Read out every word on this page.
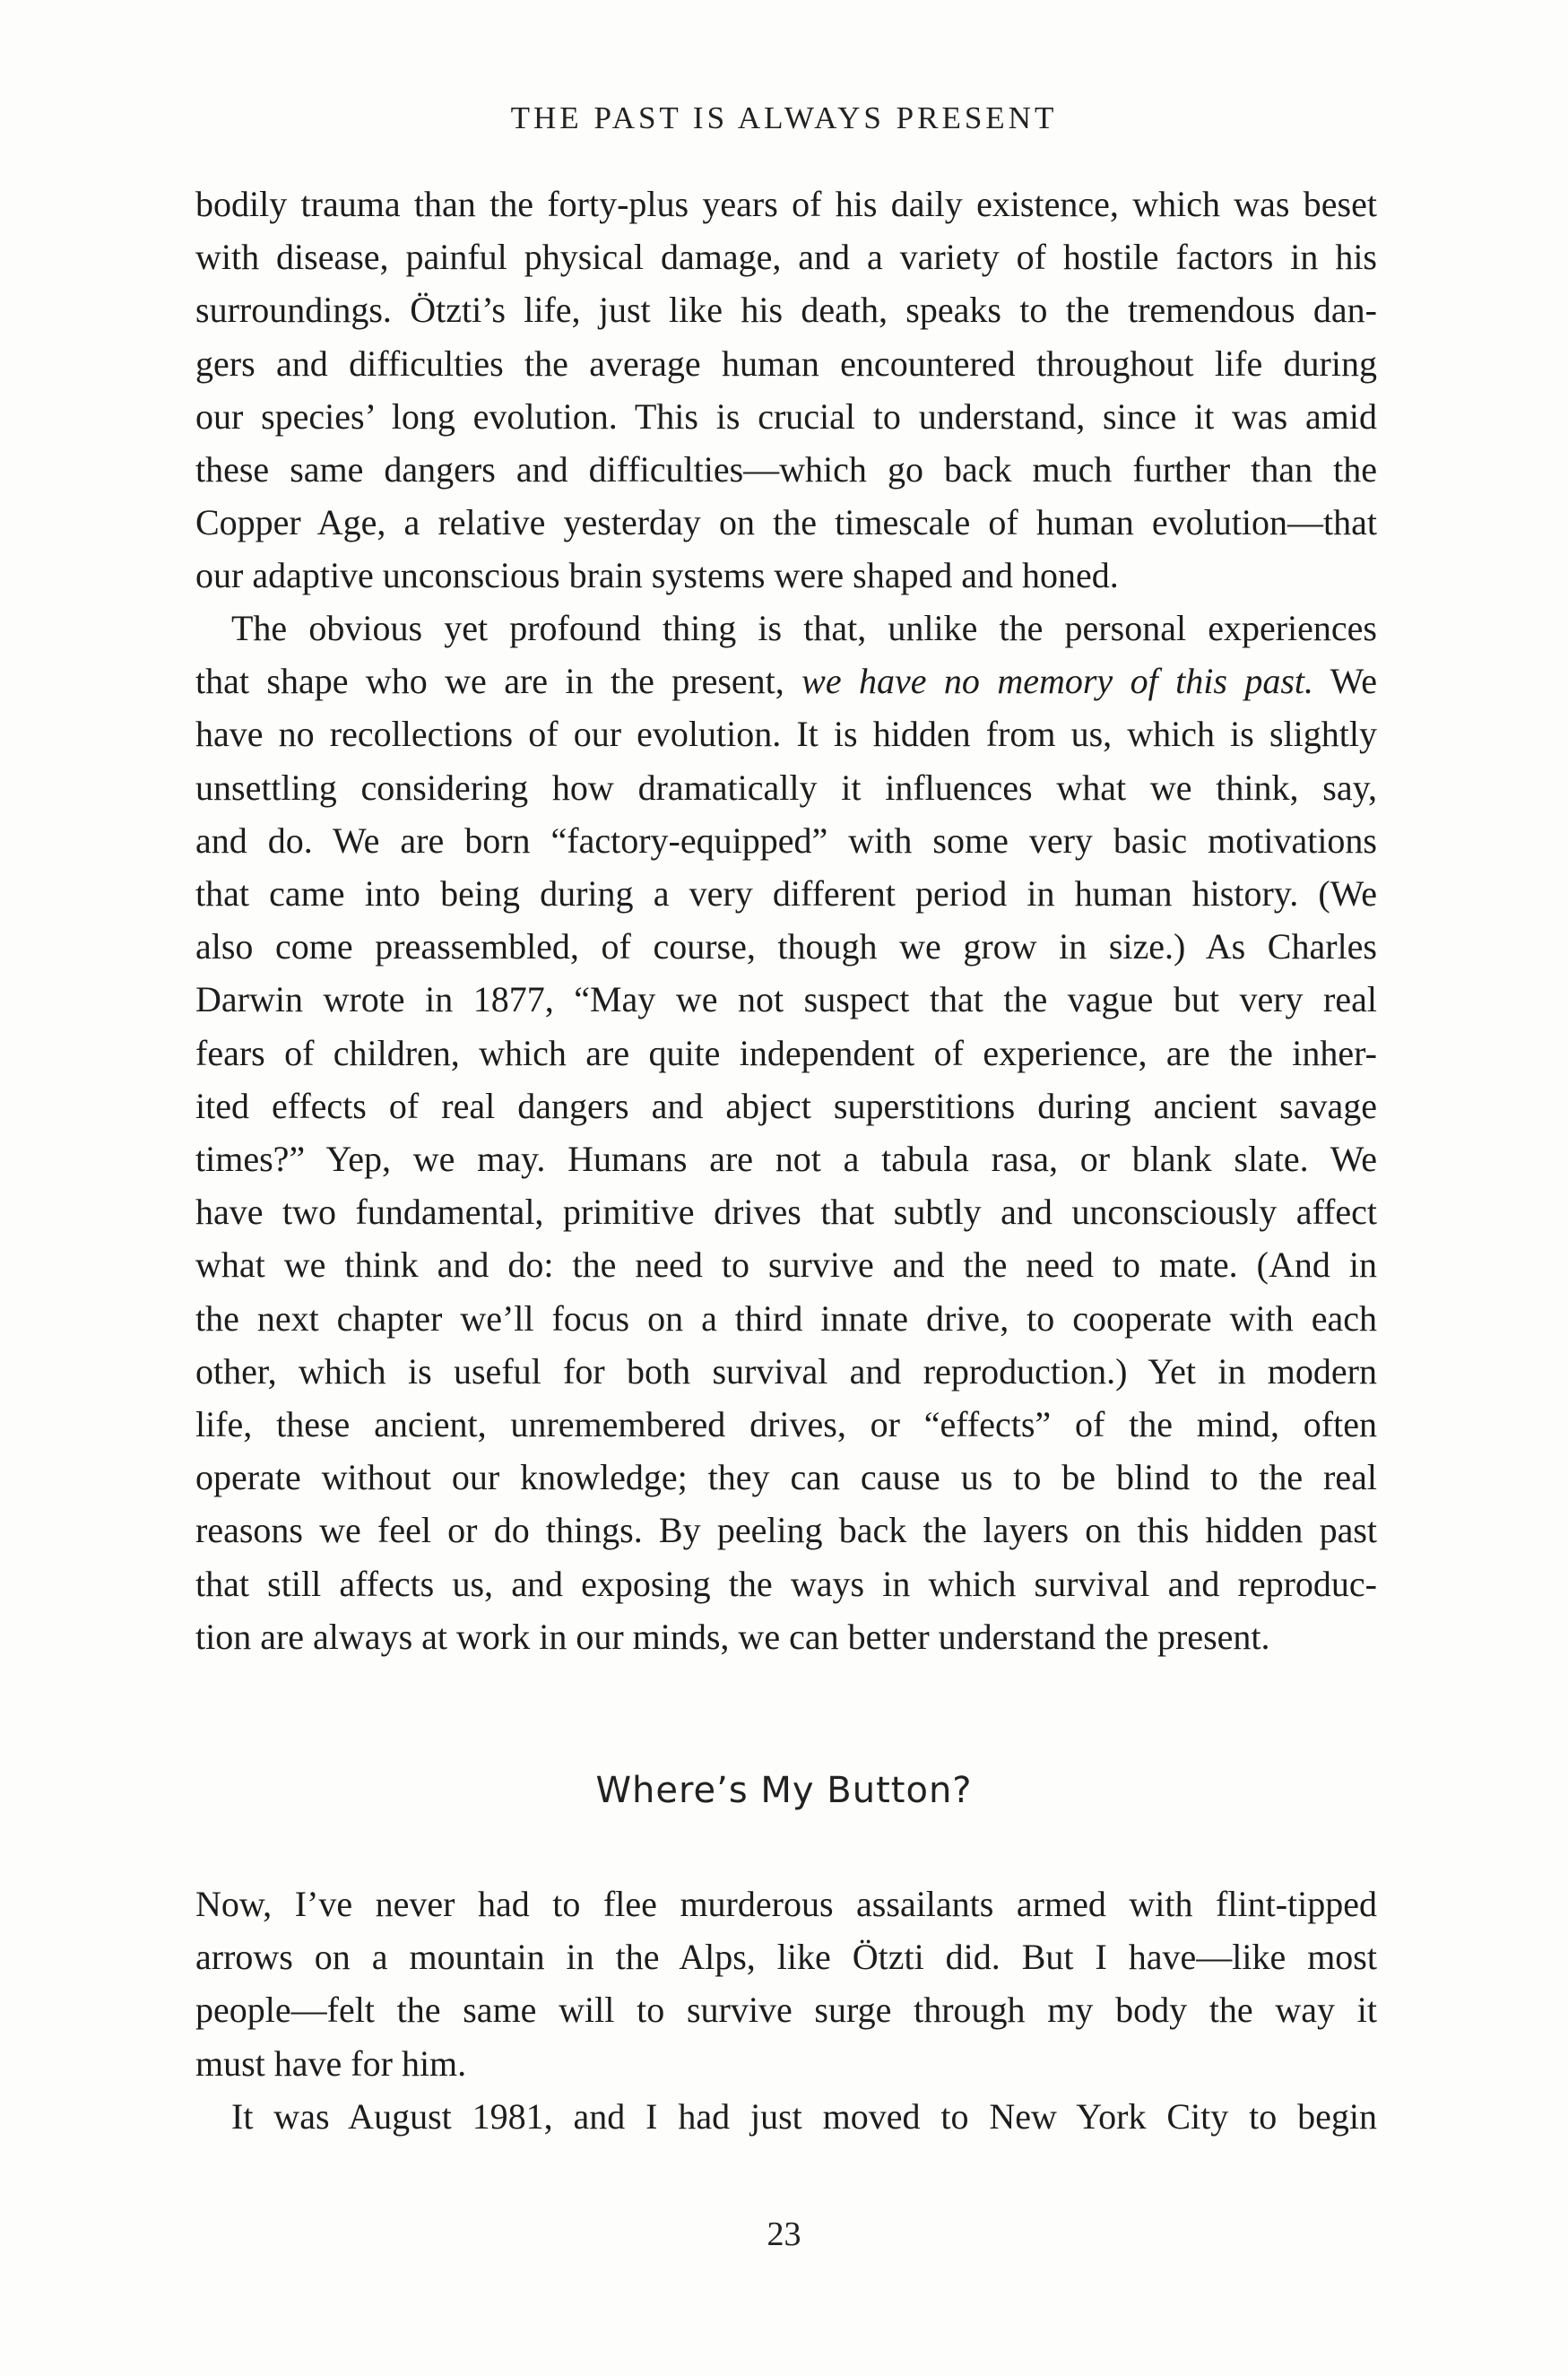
THE PAST IS ALWAYS PRESENT
bodily trauma than the forty-plus years of his daily existence, which was beset
with disease, painful physical damage, and a variety of hostile factors in his
surroundings. Ötzti’s life, just like his death, speaks to the tremendous dan-
gers and difficulties the average human encountered throughout life during
our species’ long evolution. This is crucial to understand, since it was amid
these same dangers and difficulties—which go back much further than the
Copper Age, a relative yesterday on the timescale of human evolution—that
our adaptive unconscious brain systems were shaped and honed.
The obvious yet profound thing is that, unlike the personal experiences
that shape who we are in the present, we have no memory of this past. We
have no recollections of our evolution. It is hidden from us, which is slightly
unsettling considering how dramatically it influences what we think, say,
and do. We are born “factory-equipped” with some very basic motivations
that came into being during a very different period in human history. (We
also come preassembled, of course, though we grow in size.) As Charles
Darwin wrote in 1877, “May we not suspect that the vague but very real
fears of children, which are quite independent of experience, are the inher-
ited effects of real dangers and abject superstitions during ancient savage
times?” Yep, we may. Humans are not a tabula rasa, or blank slate. We
have two fundamental, primitive drives that subtly and unconsciously affect
what we think and do: the need to survive and the need to mate. (And in
the next chapter we’ll focus on a third innate drive, to cooperate with each
other, which is useful for both survival and reproduction.) Yet in modern
life, these ancient, unremembered drives, or “effects” of the mind, often
operate without our knowledge; they can cause us to be blind to the real
reasons we feel or do things. By peeling back the layers on this hidden past
that still affects us, and exposing the ways in which survival and reproduc-
tion are always at work in our minds, we can better understand the present.
Where’s My Button?
Now, I’ve never had to flee murderous assailants armed with flint-tipped
arrows on a mountain in the Alps, like Ötzti did. But I have—like most
people—felt the same will to survive surge through my body the way it
must have for him.
It was August 1981, and I had just moved to New York City to begin
23
